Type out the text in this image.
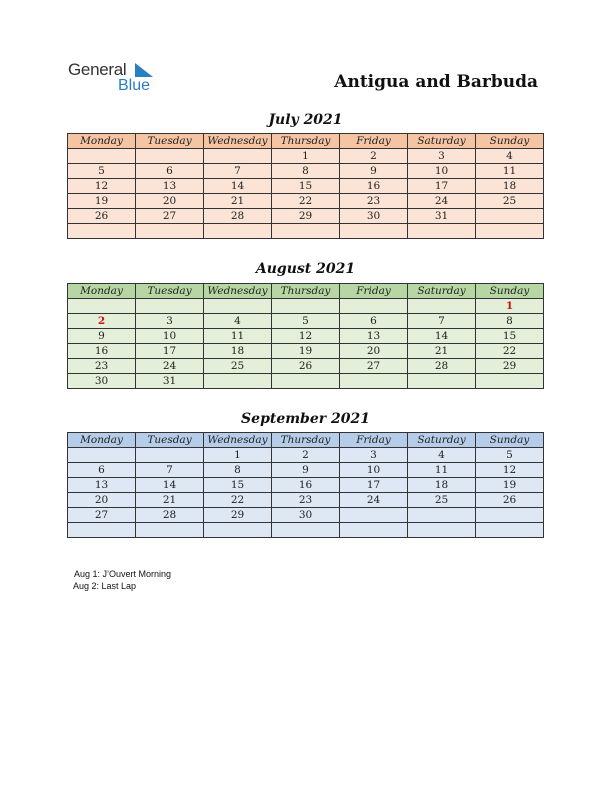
General
Blue	Antigua and Barbuda
July 2021
Monday	Tuesday	Wednesday	Thursday	Friday	Saturday	Sunday
			1	2	3	4
5	6	7	8	9	10	11
12	13	14	15	16	17	18
19	20	21	22	23	24	25
26	27	28	29	30	31	

August 2021
Monday	Tuesday	Wednesday	Thursday	Friday	Saturday	Sunday
						1
2	3	4	5	6	7	8
9	10	11	12	13	14	15
16	17	18	19	20	21	22
23	24	25	26	27	28	29
30	31					
September 2021
Monday	Tuesday	Wednesday	Thursday	Friday	Saturday	Sunday
		1	2	3	4	5
6	7	8	9	10	11	12
13	14	15	16	17	18	19
20	21	22	23	24	25	26
27	28	29	30			

Aug 1: J’Ouvert Morning
Aug 2: Last Lap
